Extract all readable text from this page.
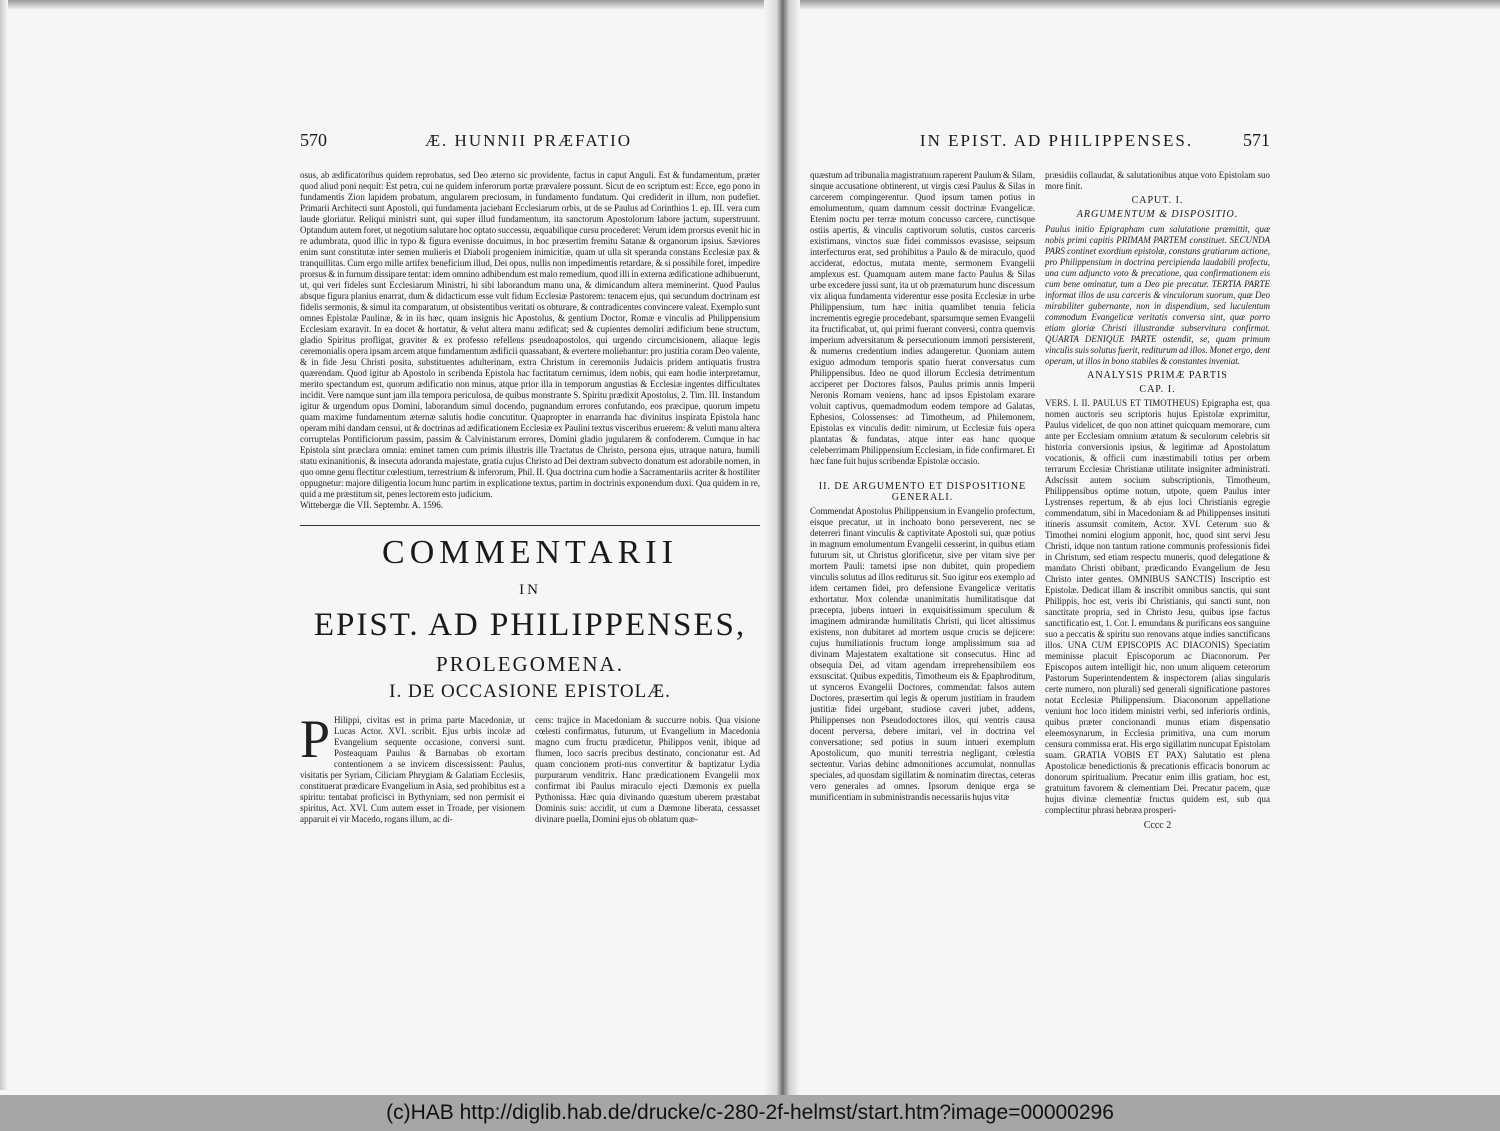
570	Æ. HUNNII PRÆFATIO
osus, ab ædificatoribus quidem reprobatus, sed Deo æterno sic providente, factus in caput Anguli. Est & fundamentum, præter quod aliud poni nequit: Est petra, cui ne quidem inferorum portæ prævalere possunt. Sicut de eo scriptum est: Ecce, ego pono in fundamentis Zion lapidem probatum, angularem preciosum, in fundamento fundatum. Qui crediderit in illum, non pudefiet. Primarii Architecti sunt Apostoli, qui fundamenta jaciebant Ecclesiarum orbis, ut de se Paulus ad Corinthios 1. ep. III. vera cum laude gloriatur. Reliqui ministri sunt, qui super illud fundamentum, ita sanctorum Apostolorum labore jactum, superstruunt. Optandum autem foret, ut negotium salutare hoc optato successu, æquabilique cursu procederet: Verum idem prorsus evenit hic in re adumbrata, quod illic in typo & figura evenisse docuimus, in hoc præsertim fremitu Satanæ & organorum ipsius. Sæviores enim sunt constitutæ inter semen mulieris et Diaboli progeniem inimicitiæ, quam ut ulla sit speranda constans Ecclesiæ pax & tranquillitas. Cum ergo mille artifex beneficium illud, Dei opus, nullis non impedimentis retardare, & si possibile foret, impedire prorsus & in furnum dissipare tentat: idem omnino adhibendum est malo remedium, quod illi in externa ædificatione adhibuerunt, ut, qui veri fideles sunt Ecclesiarum Ministri, hi sibi laborandum manu una, & dimicandum altera meminerint. Quod Paulus absque figura planius enarrat, dum & didacticum esse vult fidum Ecclesiæ Pastorem: tenacem ejus, qui secundum doctrinam est fidelis sermonis, & simul ita comparatum, ut obsistentibus veritati os obturare, & contradicentes convincere valeat. Exemplo sunt omnes Epistolæ Paulinæ, & in iis hæc, quam insignis hic Apostolus, & gentium Doctor, Romæ e vinculis ad Philippensium Ecclesiam exaravit. In ea docet & hortatur, & velut altera manu ædificat; sed & cupientes demoliri ædificium bene structum, gladio Spiritus profligat, graviter & ex professo refellens pseudoapostolos, qui urgendo circumcisionem, aliaque legis ceremonialis opera ipsam arcem atque fundamentum ædificii quassabant, & evertere moliebantur: pro justitia coram Deo valente, & in fide Jesu Christi posita, substituentes adulterinam, extra Christum in ceremoniis Judaicis pridem antiquatis frustra quærendam. Quod igitur ab Apostolo in scribenda Epistola hac factitatum cernimus, idem nobis, qui eam hodie interpretamur, merito spectandum est, quorum ædificatio non minus, atque prior illa in temporum angustias & Ecclesiæ ingentes difficultates incidit. Vere namque sunt jam illa tempora periculosa, de quibus monstrante S. Spiritu prædixit Apostolus, 2. Tim. III. Instandum igitur & urgendum opus Domini, laborandum simul docendo, pugnandum errores confutando, eos præcipue, quorum impetu quam maxime fundamentum æternæ salutis hodie concutitur. Quapropter in enarranda hac divinitus inspirata Epistola hanc operam mihi dandam censui, ut & doctrinas ad ædificationem Ecclesiæ ex Paulini textus visceribus eruerem: & veluti manu altera corruptelas Pontificiorum passim, passim & Calvinistarum errores, Domini gladio jugularem & confoderem. Cumque in hac Epistola sint præclara omnia: eminet tamen cum primis illustris ille Tractatus de Christo, persona ejus, utraque natura, humili statu exinanitionis, & insecuta adoranda majestate, gratia cujus Christo ad Dei dextram subvecto donatum est adorabile nomen, in quo omne genu flectitur cœlestium, terrestrium & inferorum, Phil. II. Qua doctrina cum hodie a Sacramentariis acriter & hostiliter oppugnetur: majore diligentia locum hunc partim in explicatione textus, partim in doctrinis exponendum duxi. Qua quidem in re, quid a me præstitum sit, penes lectorem esto judicium.
Wittebergæ die VII. Septembr. A. 1596.
COMMENTARII
IN
EPIST. AD PHILIPPENSES,
PROLEGOMENA.
I. DE OCCASIONE EPISTOLÆ.
P Hilippi, civitas est in prima parte Macedoniæ, ut Lucas Actor. XVI. scribit. Ejus urbis incolæ ad Evangelium sequente occasione, conversi sunt. Posteaquam Paulus & Barnabas ob exortam contentionem a se invicem discessissent: Paulus, visitatis per Syriam, Ciliciam Phrygiam & Galatiam Ecclesiis, constituerat prædicare Evangelium in Asia, sed prohibitus est a spiritu: tentabat proficisci in Bythyniam, sed non permisit ei spiritus, Act. XVI. Cum autem esset in Troade, per visionem apparuit ei vir Macedo, rogans illum, ac di-
cens: trajice in Macedoniam & succurre nobis. Qua visione cœlesti confirmatus, futurum, ut Evangelium in Macedonia magno cum fructu prædicetur, Philippos venit, ibique ad flumen, loco sacris precibus destinato, concionatur est. Ad quam concionem proti-nus convertitur & baptizatur Lydia purpurarum venditrix. Hanc prædicationem Evangelii mox confirmat ibi Paulus miraculo ejecti Dæmonis ex puella Pythonissa. Hæc quia divinando quæstum uberem præstabat Dominis suis: accidit, ut cum a Dæmone liberata, cessasset divinare puella, Domini ejus ob oblatum quæ-
IN EPIST. AD PHILIPPENSES.	571
quæstum ad tribunalia magistratuum raperent Paulum & Silam, sinque accusatione obtinerent, ut virgis cæsi Paulus & Silas in carcerem compingerentur. Quod ipsum tamen potius in emolumentum, quam damnum cessit doctrinæ Evangelicæ. Etenim noctu per terræ motum concusso carcere, cunctisque ostiis apertis, & vinculis captivorum solutis, custos carceris existimans, vinctos suæ fidei commissos evasisse, seipsum interfecturus erat, sed prohibitus a Paulo & de miraculo, quod acciderat, edoctus, mutata mente, sermonem Evangelii amplexus est. Quamquam autem mane facto Paulus & Silas urbe excedere jussi sunt, ita ut ob præmaturum hunc discessum vix aliqua fundamenta viderentur esse posita Ecclesiæ in urbe Philippensium, tum hæc initia quamlibet tenuia felicia incrementis egregie procedebant, sparsumque semen Evangelii ita fructificabat, ut, qui primi fuerant conversi, contra quemvis imperium adversitatum & persecutionum immoti persisterent, & numerus credentium indies adaugeretur. Quoniam autem exiguo admodum temporis spatio fuerat conversatus cum Philippensibus. Ideo ne quod illorum Ecclesia detrimentum acciperet per Doctores falsos, Paulus primis annis Imperii Neronis Romam veniens, hanc ad ipsos Epistolam exarare voluit captivus, quemadmodum eodem tempore ad Galatas, Ephesios, Colossenses: ad Timotheum, ad Philemonem, Epistolas ex vinculis dedit: nimirum, ut Ecclesiæ fuis opera plantatas & fundatas, atque inter eas hanc quoque celeberrimam Philippensium Ecclesiam, in fide confirmaret. Et hæc fane fuit hujus scribendæ Epistolæ occasio.
II. DE ARGUMENTO ET DISPOSITIONE GENERALI.
Commendat Apostolus Philippensium in Evangelio profectum, eisque precatur, ut in inchoato bono perseverent, nec se deterreri finant vinculis & captivitate Apostoli sui, quæ potius in magnum emolumentum Evangelii cesserint, in quibus etiam futurum sit, ut Christus glorificetur, sive per vitam sive per mortem Pauli: tametsi ipse non dubitet, quin propediem vinculis solutus ad illos rediturus sit. Suo igitur eos exemplo ad idem certamen fidei, pro defensione Evangelicæ veritatis exhortatur. Mox colendæ unanimitatis humilitatisque dat præcepta, jubens intueri in exquisitissimum speculum & imaginem admirandæ humilitatis Christi, qui licet altissimus existens, non dubitaret ad mortem usque crucis se dejicere: cujus humiliationis fructum longe amplissimum sua ad divinam Majestatem exaltatione sit consecutus. Hinc ad obsequia Dei, ad vitam agendam irreprehensibilem eos exsuscitat. Quibus expeditis, Timotheum eis & Epaphroditum, ut synceros Evangelii Doctores, commendat: falsos autem Doctores, præsertim qui legis & operum justitiam in fraudem justitiæ fidei urgebant, studiose caveri jubet, addens, Philippenses non Pseudodoctores illos, qui ventris causa docent perversa, debere imitari, vel in doctrina vel conversatione; sed potius in suum intueri exemplum Apostolicum, quo muniti terrestria negligant, cœlestia sectentur. Varias dehinc admonitiones accumulat, nonnullas speciales, ad quosdam sigillatim & nominatim directas, ceteras vero generales ad omnes. Ipsorum denique erga se munificentiam in subministrandis necessariis hujus vitæ
præsidiis collaudat, & salutationibus atque voto Epistolam suo more finit.
CAPUT. I.
ARGUMENTUM & DISPOSITIO.
Paulus initio Epigrapham cum salutatione præmittit, quæ nobis primi capitis PRIMAM PARTEM constituet. SECUNDA PARS continet exordium epistolæ, constans gratiarum actione, pro Philippensium in doctrina percipienda laudabili profectu, una cum adjuncto voto & precatione, qua confirmationem eis cum bene ominatur, tum a Deo pie precatur. TERTIA PARTE informat illos de usu carceris & vinculorum suorum, quæ Deo mirabiliter gubernante, non in dispendium, sed luculentum commodum Evangelicæ veritatis conversa sint, quæ porro etiam gloriæ Christi illustrandæ subservitura confirmat. QUARTA DENIQUE PARTE ostendit, se, quam primum vinculis suis solutus fuerit, rediturum ad illos. Monet ergo, dent operam, ut illos in bono stabiles & constantes inveniat.
ANALYSIS PRIMÆ PARTIS
CAP. I.
VERS. I. II. PAULUS ET TIMOTHEUS) Epigrapha est, qua nomen auctoris seu scriptoris hujus Epistolæ exprimitur, Paulus videlicet, de quo non attinet quicquam memorare, cum ante per Ecclesiam omnium ætatum & seculorum celebris sit historia conversionis ipsius, & legitimæ ad Apostolatum vocationis, & officii cum inæstimabili totius per orbem terrarum Ecclesiæ Christianæ utilitate insigniter administrati. Adscissit autem socium subscriptionis, Timotheum, Philippensibus optime notum, utpote, quem Paulus inter Lystrenses repertum, & ab ejus loci Christianis egregie commendatum, sibi in Macedoniam & ad Philippenses insituti itineris assumsit comitem, Actor. XVI. Ceterum suo & Timothei nomini elogium apponit, hoc, quod sint servi Jesu Christi, idque non tantum ratione communis professionis fidei in Christum, sed etiam respectu muneris, quod delegatione & mandato Christi obibant, prædicando Evangelium de Jesu Christo inter gentes. OMNIBUS SANCTIS) Inscriptio est Epistolæ. Dedicat illam & inscribit omnibus sanctis, qui sunt Philippis, hoc est, veris ibi Christianis, qui sancti sunt, non sanctitate propria, sed in Christo Jesu, quibus ipse factus sanctificatio est, 1. Cor. I. emundans & purificans eos sanguine suo a peccatis & spiritu suo renovans atque indies sanctificans illos. UNA CUM EPISCOPIS AC DIACONIS) Speciatim meminisse placuit Episcoporum ac Diaconorum. Per Episcopos autem intelligit hic, non unum aliquem ceterorum Pastorum Superintendentem & inspectorem (alias singularis certe numero, non plurali) sed generali significatione pastores notat Ecclesiæ Philippensium. Diaconorum appellatione veniunt hoc loco itidem ministri verbi, sed inferioris ordinis, quibus præter concionandi munus etiam dispensatio eleemosynarum, in Ecclesia primitiva, una cum morum censura commissa erat. His ergo sigillatim nuncupat Epistolam suam. GRATIA VOBIS ET PAX) Salutatio est plena Apostolicæ benedictionis & precationis efficacis bonorum ac donorum spiritualium. Precatur enim illis gratiam, hoc est, gratuitum favorem & clementiam Dei. Precatur pacem, quæ hujus divinæ clementiæ fructus quidem est, sub qua complectitur phrasi hebræa prosperi-
Cccc 2
(c)HAB http://diglib.hab.de/drucke/c-280-2f-helmst/start.htm?image=00000296
